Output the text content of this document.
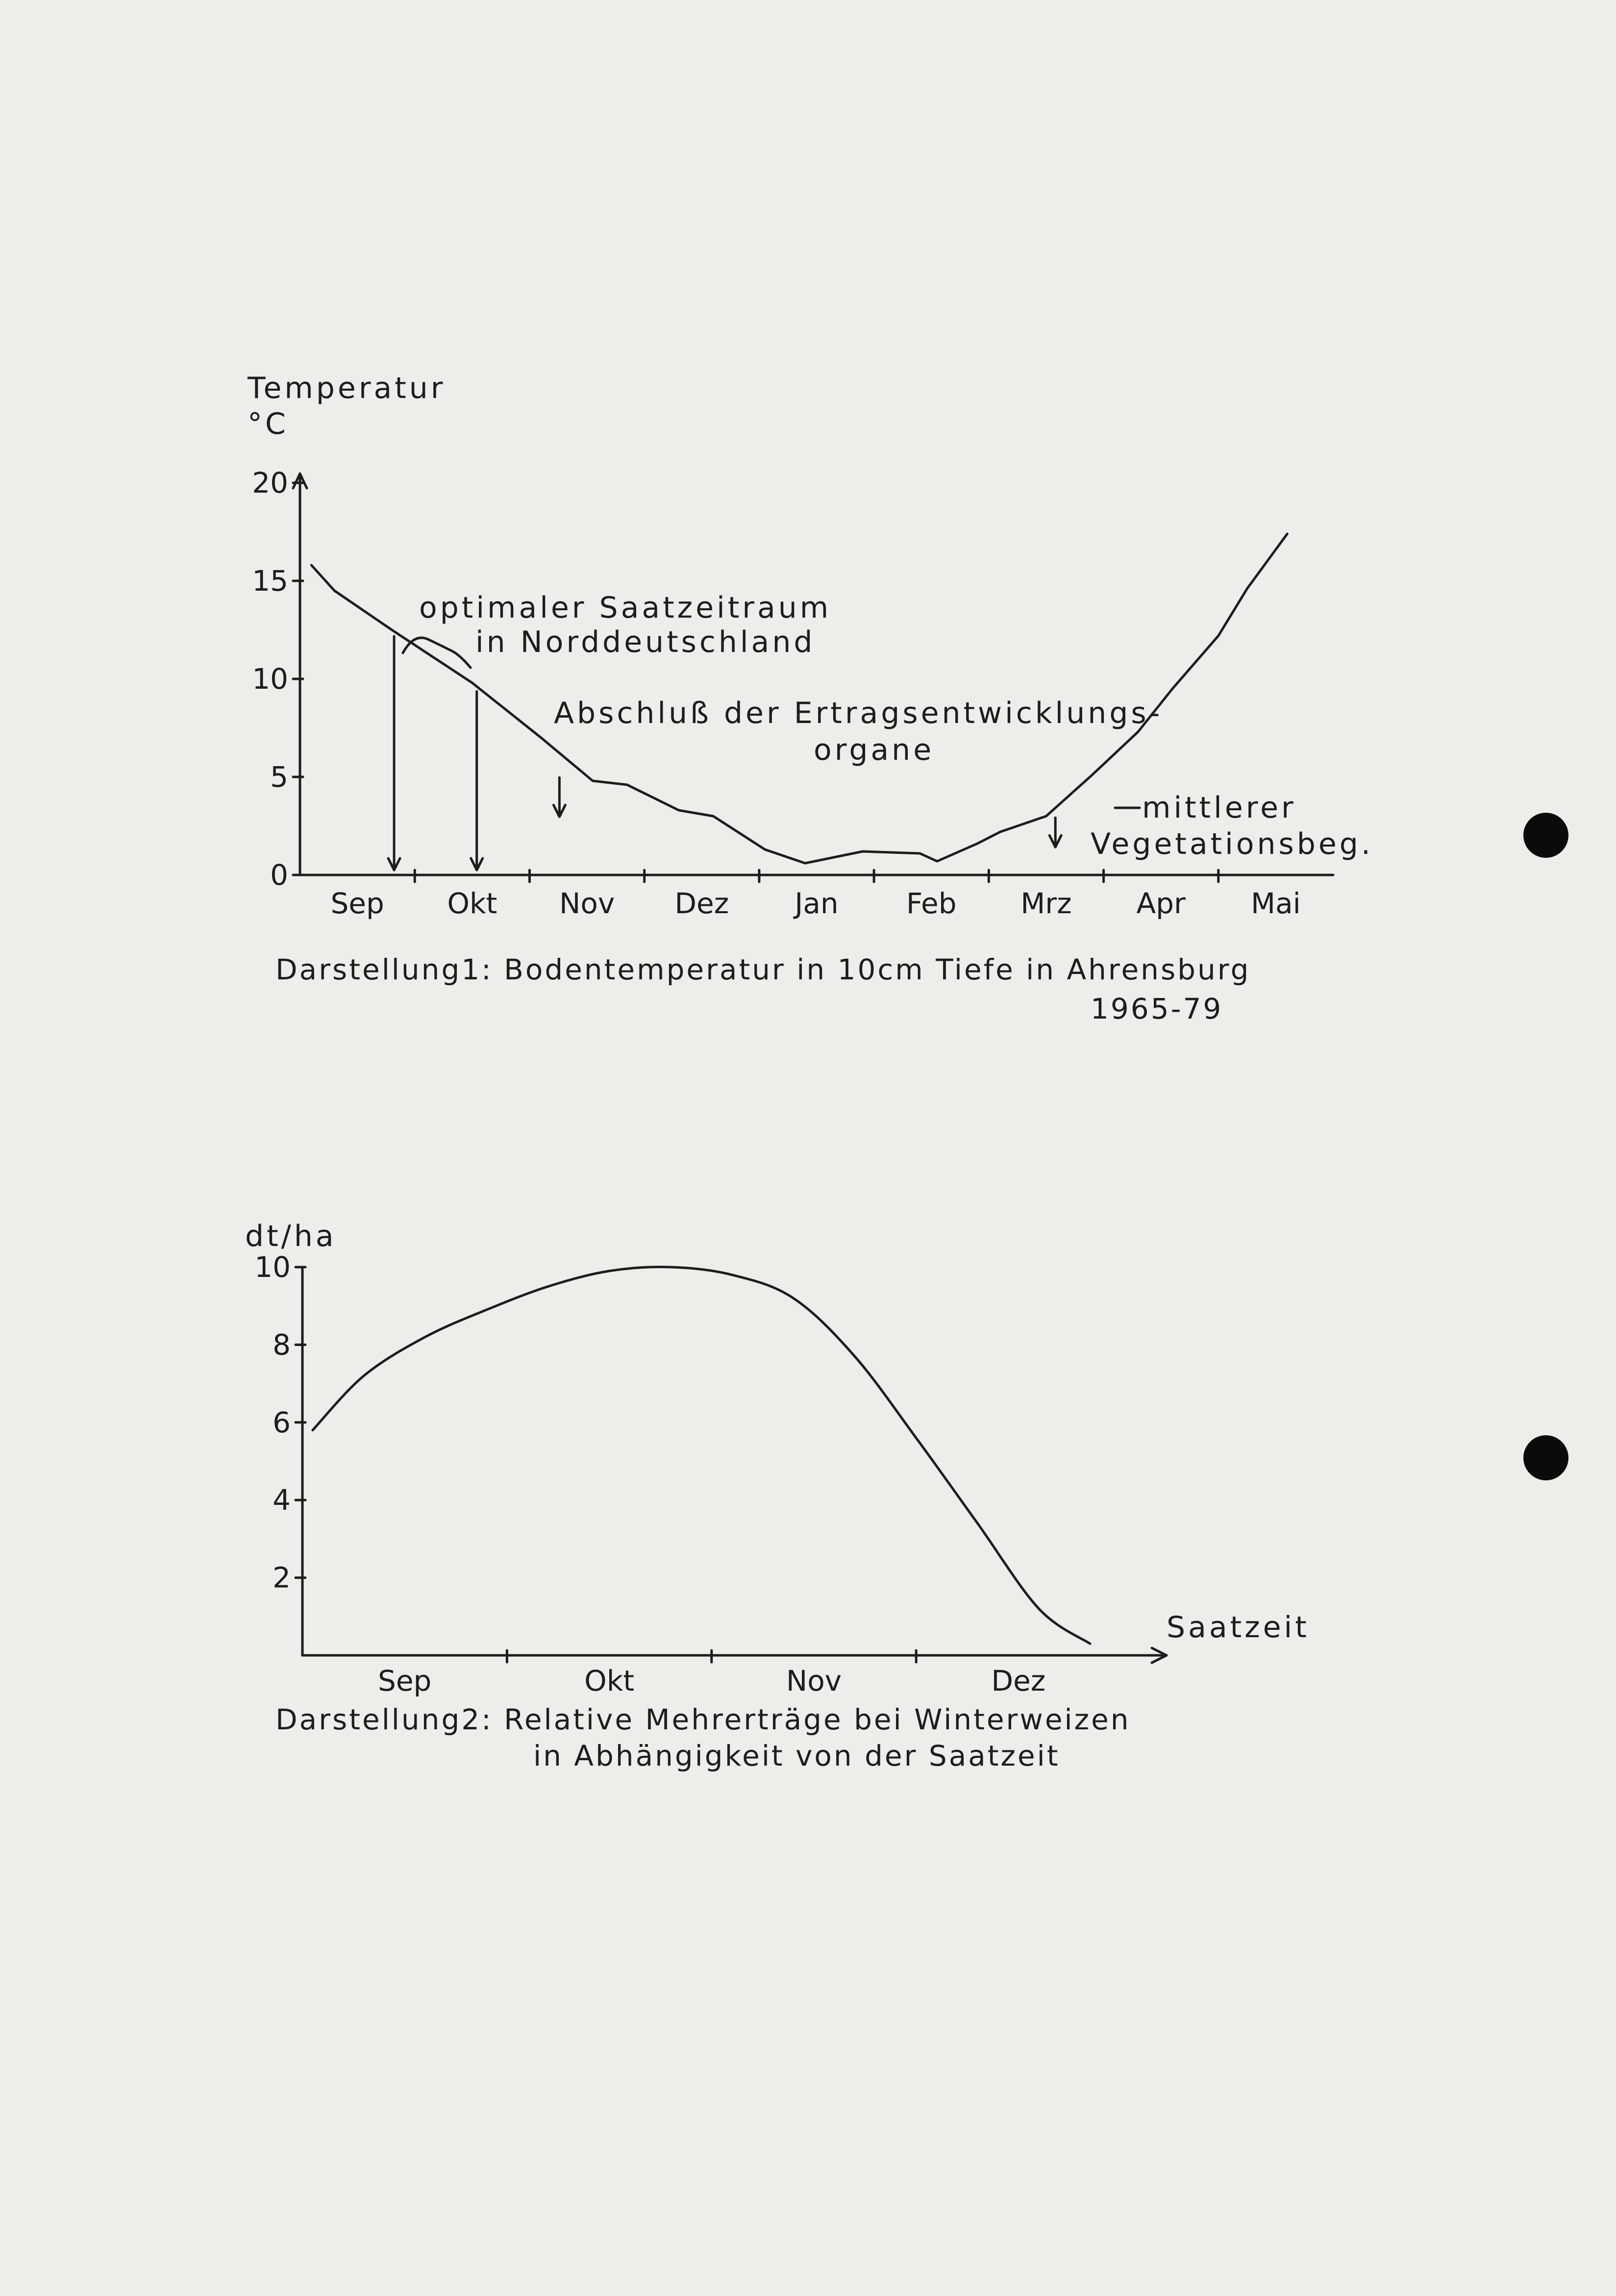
Temperatur
°C
Sep Okt Nov Dez Jan Feb Mrz Apr Mai
0
5
10
15
20
optimaler Saatzeitraum
in Norddeutschland
Abschluß der Ertragsentwicklungs-
organe
mittlerer
Vegetationsbeg.
Darstellung1: Bodentemperatur in 10cm Tiefe in Ahrensburg
1965-79
dt/ha
Sep	Okt	Nov	Dez
2
4
6
8
10
Saatzeit
Darstellung2: Relative Mehrerträge bei Winterweizen
in Abhängigkeit von der Saatzeit
